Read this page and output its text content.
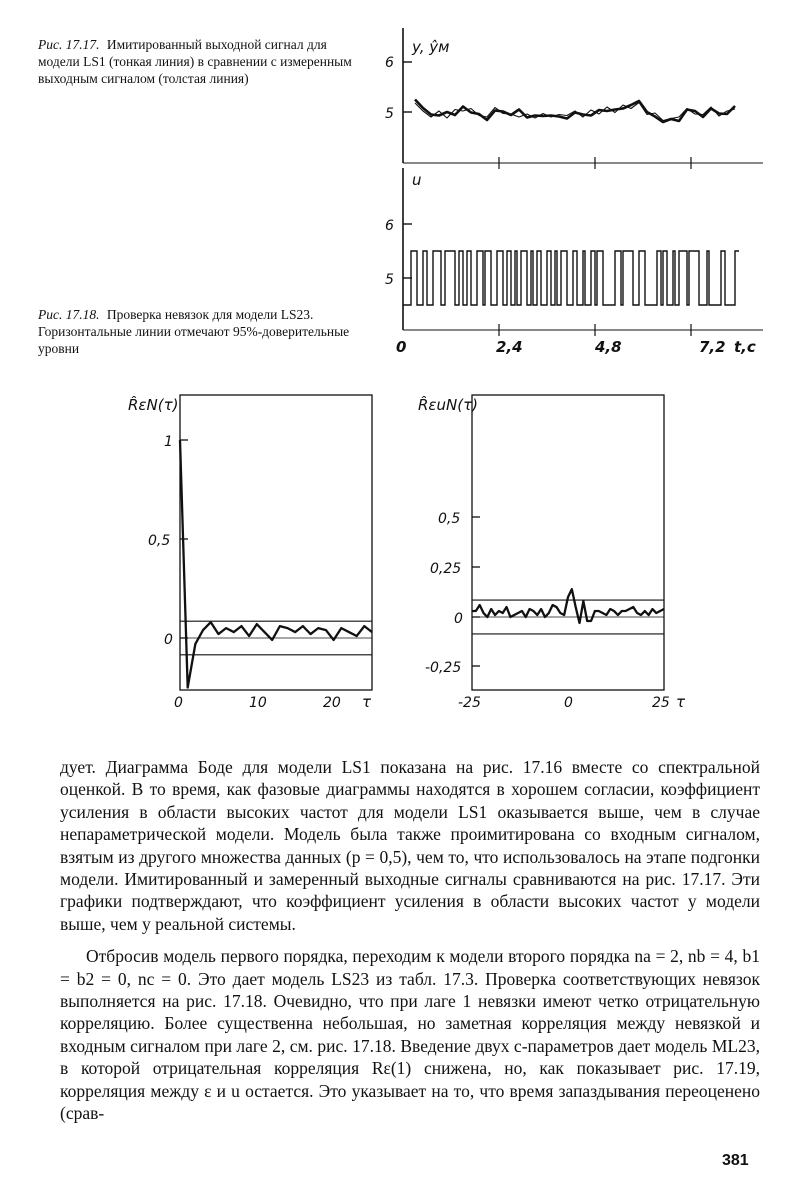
Рис. 17.17. Имитированный выходной сигнал для модели LS1 (тонкая линия) в сравнении с измеренным выходным сигналом (толстая линия)
Рис. 17.18. Проверка невязок для модели LS23. Горизонтальные линии отмечают 95%-доверительные уровни
y, ŷм
6
5
u
6
5
0	2,4	4,8	7,2 t,c
R̂εN(τ)
1
0,5
0
0	10	20 τ
R̂εuN(τ)
0,5
0,25
0
-0,25
-25	0	25 τ

дует. Диаграмма Боде для модели LS1 показана на рис. 17.16 вместе со спектральной оценкой. В то время, как фазовые диаграммы находятся в хорошем согласии, коэффициент усиления в области высоких частот для модели LS1 оказывается выше, чем в случае непараметрической модели. Модель была также проимитирована со входным сигналом, взятым из другого множества данных (p = 0,5), чем то, что использовалось на этапе подгонки модели. Имитированный и замеренный выходные сигналы сравниваются на рис. 17.17. Эти графики подтверждают, что коэффициент усиления в области высоких частот у модели выше, чем у реальной системы.

Отбросив модель первого порядка, переходим к модели второго порядка na = 2, nb = 4, b1 = b2 = 0, nc = 0. Это дает модель LS23 из табл. 17.3. Проверка соответствующих невязок выполняется на рис. 17.18. Очевидно, что при лаге 1 невязки имеют четко отрицательную корреляцию. Более существенна небольшая, но заметная корреляция между невязкой и входным сигналом при лаге 2, см. рис. 17.18. Введение двух c-параметров дает модель ML23, в которой отрицательная корреляция Rε(1) снижена, но, как показывает рис. 17.19, корреляция между ε и u остается. Это указывает на то, что время запаздывания переоценено (срав-

381
